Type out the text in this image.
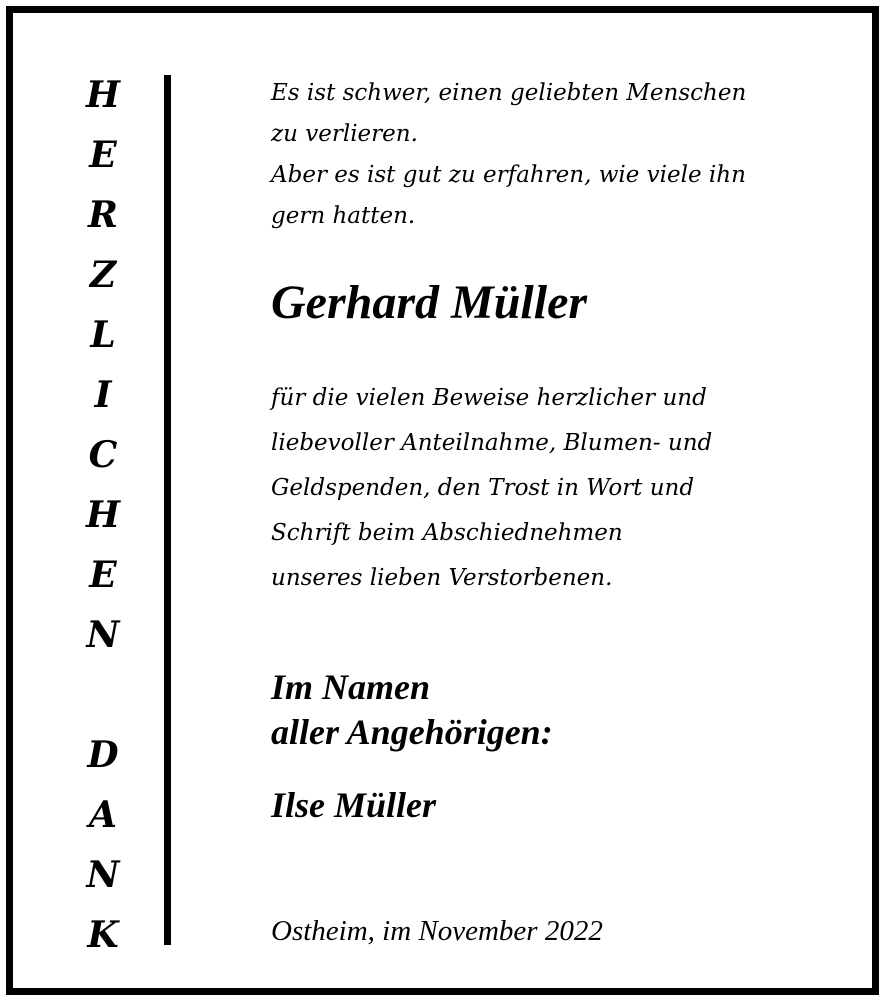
H
E
R
Z
L
I
C
H
E
N
D
A
N
K

Es ist schwer, einen geliebten Menschen
zu verlieren.
Aber es ist gut zu erfahren, wie viele ihn
gern hatten.

Gerhard Müller

für die vielen Beweise herzlicher und
liebevoller Anteilnahme, Blumen- und
Geldspenden, den Trost in Wort und
Schrift beim Abschiednehmen
unseres lieben Verstorbenen.

Im Namen
aller Angehörigen:

Ilse Müller

Ostheim, im November 2022
